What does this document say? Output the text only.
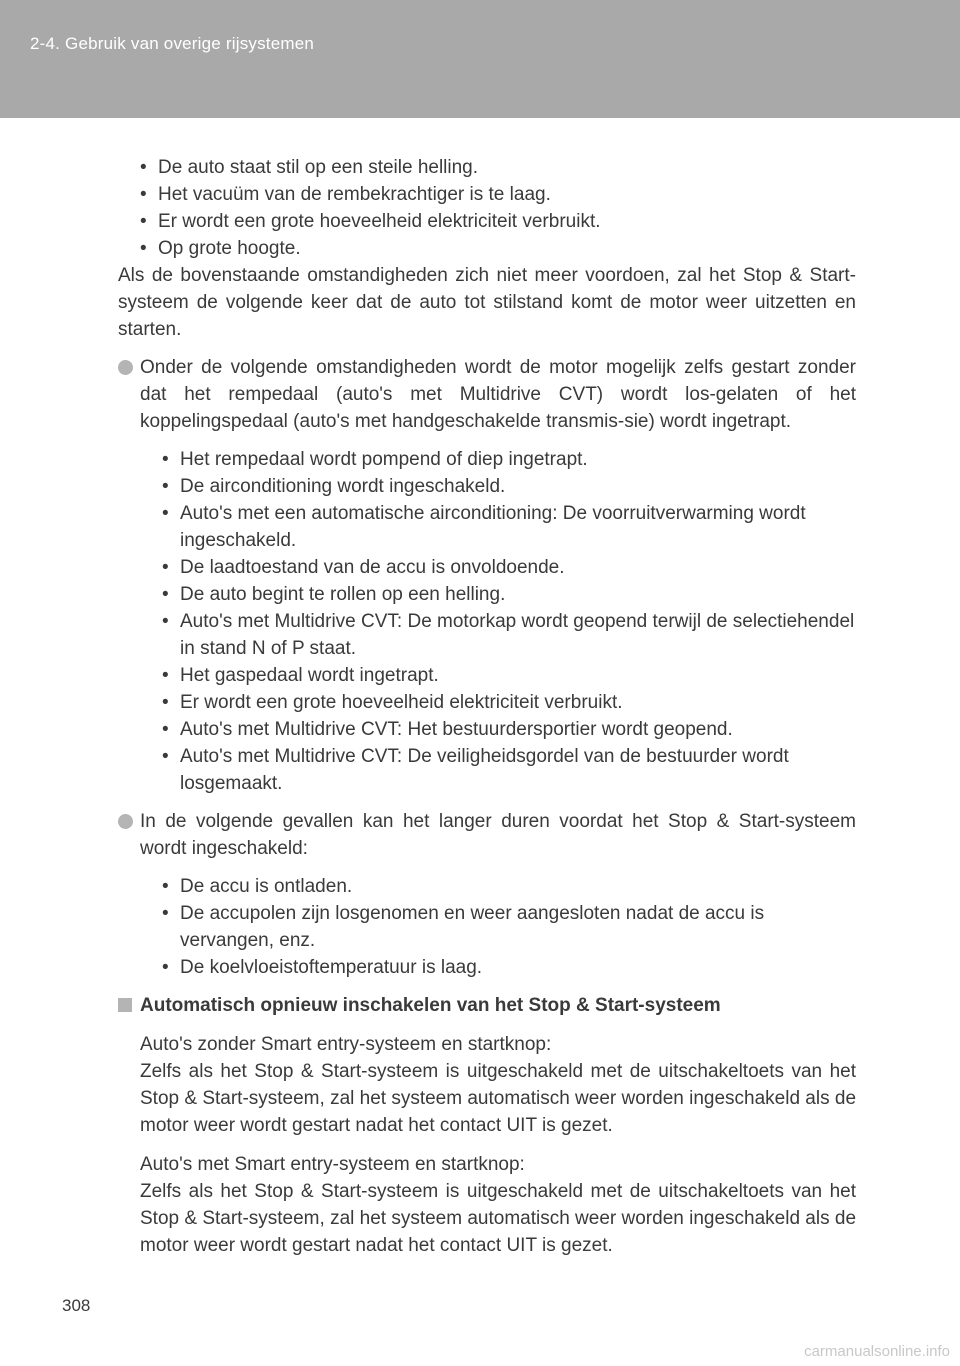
2-4. Gebruik van overige rijsystemen
• De auto staat stil op een steile helling.
• Het vacuüm van de rembekrachtiger is te laag.
• Er wordt een grote hoeveelheid elektriciteit verbruikt.
• Op grote hoogte.

Als de bovenstaande omstandigheden zich niet meer voordoen, zal het Stop & Start-systeem de volgende keer dat de auto tot stilstand komt de motor weer uitzetten en starten.

Onder de volgende omstandigheden wordt de motor mogelijk zelfs gestart zonder dat het rempedaal (auto's met Multidrive CVT) wordt los-gelaten of het koppelingspedaal (auto's met handgeschakelde transmis-sie) wordt ingetrapt.

• Het rempedaal wordt pompend of diep ingetrapt.
• De airconditioning wordt ingeschakeld.
• Auto's met een automatische airconditioning: De voorruitverwarming wordt ingeschakeld.
• De laadtoestand van de accu is onvoldoende.
• De auto begint te rollen op een helling.
• Auto's met Multidrive CVT: De motorkap wordt geopend terwijl de selectiehendel in stand N of P staat.
• Het gaspedaal wordt ingetrapt.
• Er wordt een grote hoeveelheid elektriciteit verbruikt.
• Auto's met Multidrive CVT: Het bestuurdersportier wordt geopend.
• Auto's met Multidrive CVT: De veiligheidsgordel van de bestuurder wordt losgemaakt.

In de volgende gevallen kan het langer duren voordat het Stop & Start-systeem wordt ingeschakeld:

• De accu is ontladen.
• De accupolen zijn losgenomen en weer aangesloten nadat de accu is vervangen, enz.
• De koelvloeistoftemperatuur is laag.
Automatisch opnieuw inschakelen van het Stop & Start-systeem

Auto's zonder Smart entry-systeem en startknop:

Zelfs als het Stop & Start-systeem is uitgeschakeld met de uitschakeltoets van het Stop & Start-systeem, zal het systeem automatisch weer worden ingeschakeld als de motor weer wordt gestart nadat het contact UIT is gezet.

Auto's met Smart entry-systeem en startknop:

Zelfs als het Stop & Start-systeem is uitgeschakeld met de uitschakeltoets van het Stop & Start-systeem, zal het systeem automatisch weer worden ingeschakeld als de motor weer wordt gestart nadat het contact UIT is gezet.

308
carmanualsonline.info
